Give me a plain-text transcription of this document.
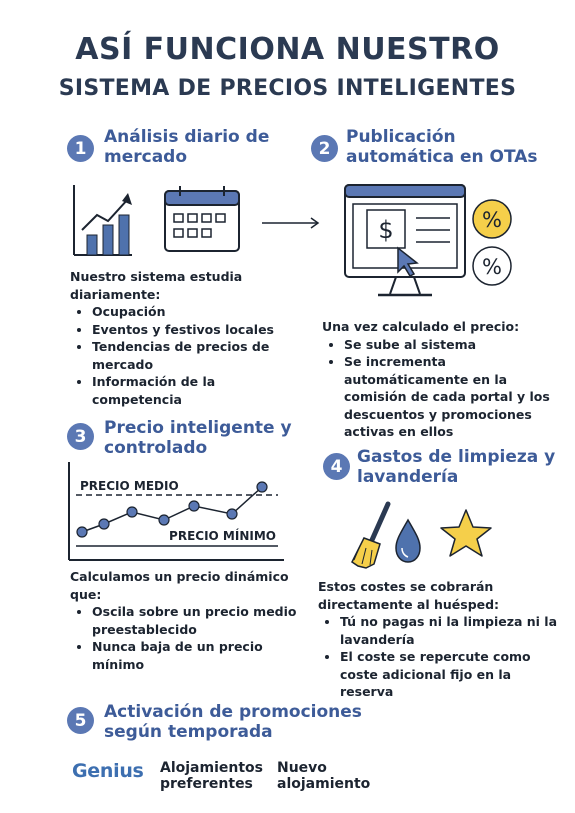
ASÍ FUNCIONA NUESTRO
SISTEMA DE PRECIOS INTELIGENTES
1
Análisis diario de
mercado
Nuestro sistema estudia
diariamente:
• Ocupación
• Eventos y festivos locales
• Tendencias de precios de mercado
• Información de la competencia
2
Publicación
automática en OTAs
$	%
%
Una vez calculado el precio:
• Se sube al sistema
• Se incrementa automáticamente en la comisión de cada portal y los descuentos y promociones activas en ellos
3	Precio inteligente y
controlado
PRECIO MEDIO
PRECIO MÍNIMO
Calculamos un precio dinámico
que:
• Oscila sobre un precio medio preestablecido
• Nunca baja de un precio mínimo
4 Gastos de limpieza y
lavandería
Estos costes se cobrarán
directamente al huésped:
• Tú no pagas ni la limpieza ni la lavandería
• El coste se repercute como coste adicional fijo en la reserva
5	Activación de promociones
según temporada
Genius Alojamientos
preferentes
Nuevo
alojamiento
